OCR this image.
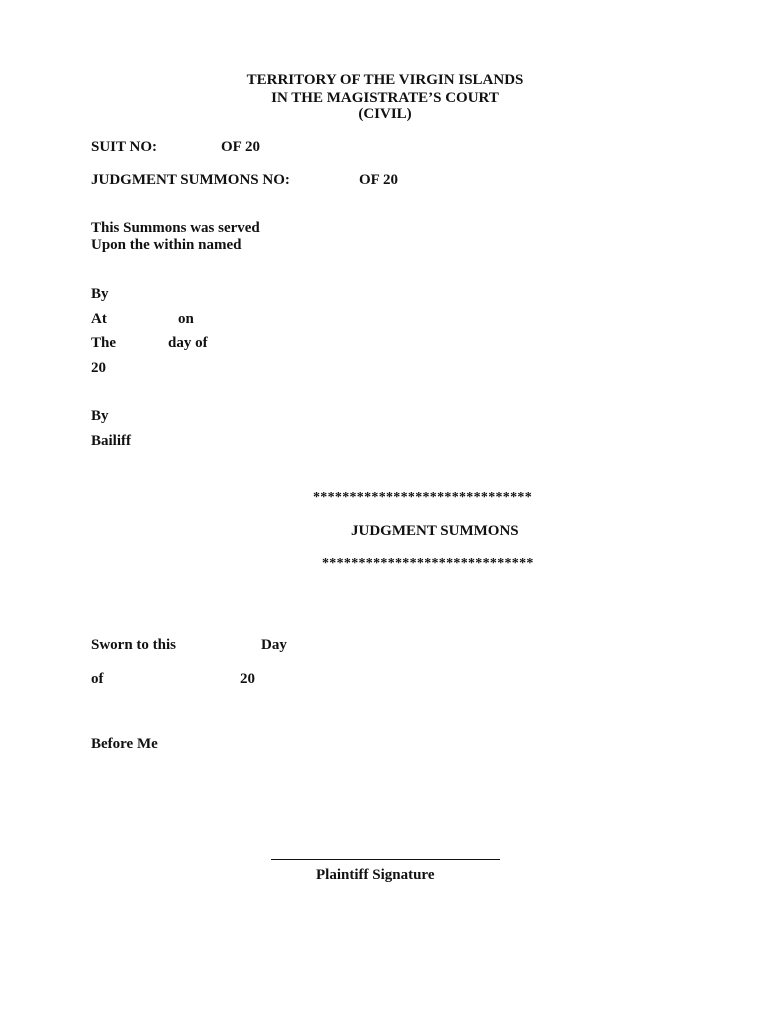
TERRITORY OF THE VIRGIN ISLANDS
IN THE MAGISTRATE’S COURT
(CIVIL)
SUIT NO:	OF 20
JUDGMENT SUMMONS NO:	OF 20
This Summons was served
Upon the within named
By
At	on
The	day of
20
By
Bailiff
******************************
JUDGMENT SUMMONS
*****************************
Sworn to this	Day
of	20
Before Me
Plaintiff Signature
